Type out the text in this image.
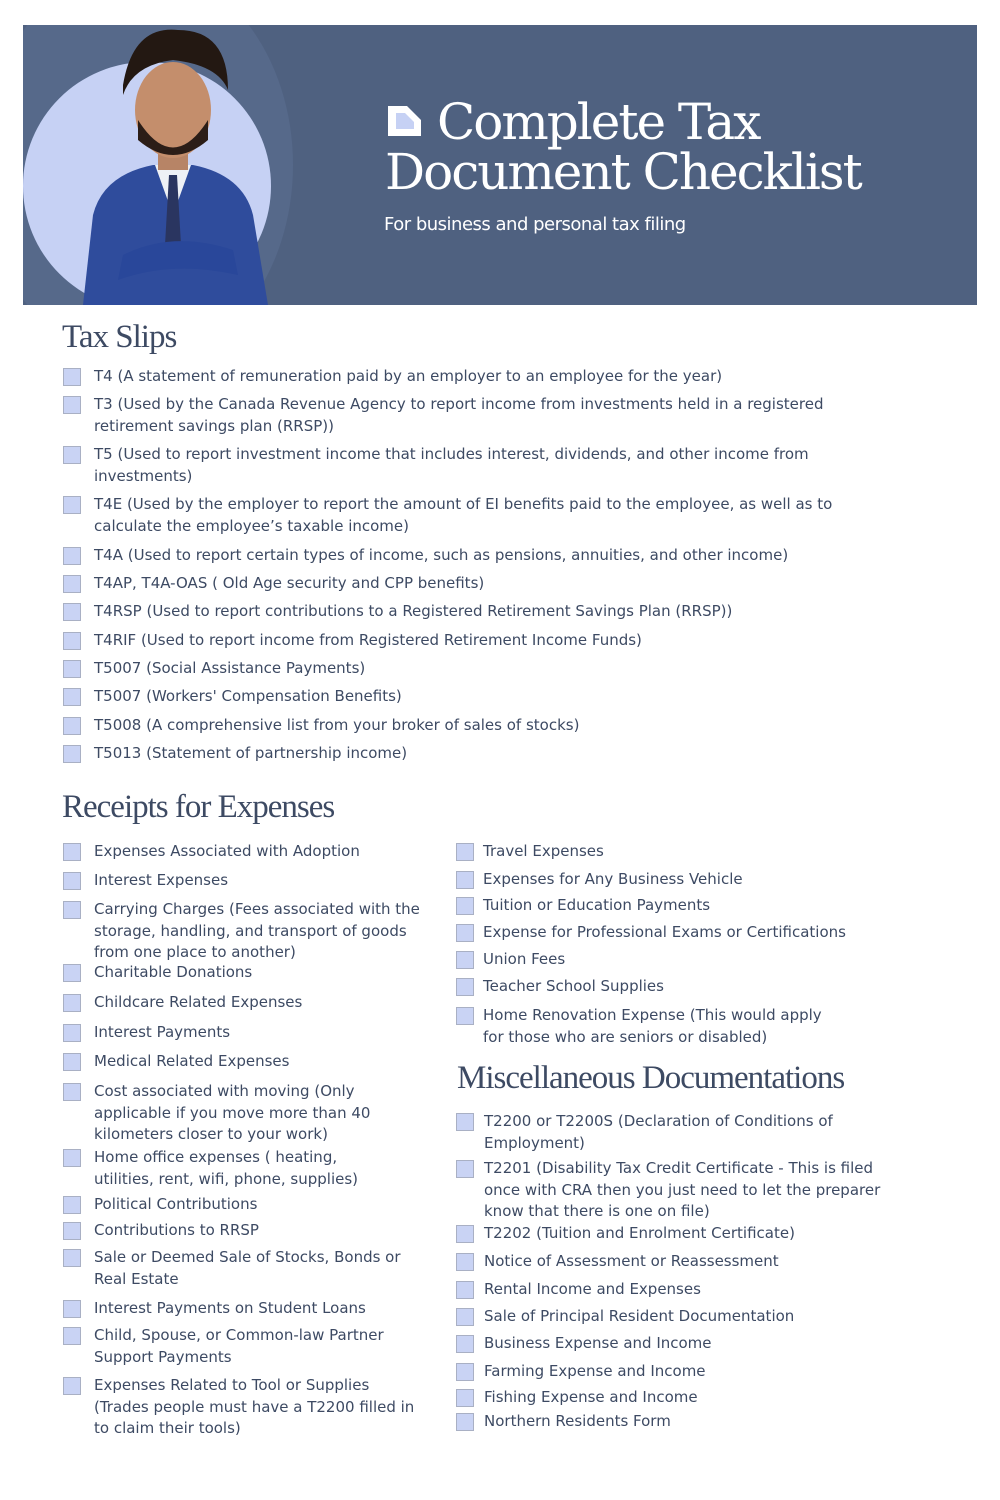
Complete Tax
Document Checklist
For business and personal tax filing
Tax Slips
Receipts for Expenses
Miscellaneous Documentations
T4 (A statement of remuneration paid by an employer to an employee for the year)
T3 (Used by the Canada Revenue Agency to report income from investments held in a registered
retirement savings plan (RRSP))
T5 (Used to report investment income that includes interest, dividends, and other income from
investments)
T4E (Used by the employer to report the amount of EI benefits paid to the employee, as well as to
calculate the employee’s taxable income)
T4A (Used to report certain types of income, such as pensions, annuities, and other income)
T4AP, T4A-OAS ( Old Age security and CPP benefits)
T4RSP (Used to report contributions to a Registered Retirement Savings Plan (RRSP))
T4RIF (Used to report income from Registered Retirement Income Funds)
T5007 (Social Assistance Payments)
T5007 (Workers' Compensation Benefits)
T5008 (A comprehensive list from your broker of sales of stocks)
T5013 (Statement of partnership income)
Expenses Associated with Adoption
Interest Expenses
Carrying Charges (Fees associated with the
storage, handling, and transport of goods
from one place to another)
Charitable Donations
Childcare Related Expenses
Interest Payments
Medical Related Expenses
Cost associated with moving (Only
applicable if you move more than 40
kilometers closer to your work)
Home office expenses ( heating,
utilities, rent, wifi, phone, supplies)
Political Contributions
Contributions to RRSP
Sale or Deemed Sale of Stocks, Bonds or
Real Estate
Interest Payments on Student Loans
Child, Spouse, or Common-law Partner
Support Payments
Expenses Related to Tool or Supplies
(Trades people must have a T2200 filled in
to claim their tools)
Travel Expenses
Expenses for Any Business Vehicle
Tuition or Education Payments
Expense for Professional Exams or Certifications
Union Fees
Teacher School Supplies
Home Renovation Expense (This would apply
for those who are seniors or disabled)
T2200 or T2200S (Declaration of Conditions of
Employment)
T2201 (Disability Tax Credit Certificate - This is filed
once with CRA then you just need to let the preparer
know that there is one on file)
T2202 (Tuition and Enrolment Certificate)
Notice of Assessment or Reassessment
Rental Income and Expenses
Sale of Principal Resident Documentation
Business Expense and Income
Farming Expense and Income
Fishing Expense and Income
Northern Residents Form
